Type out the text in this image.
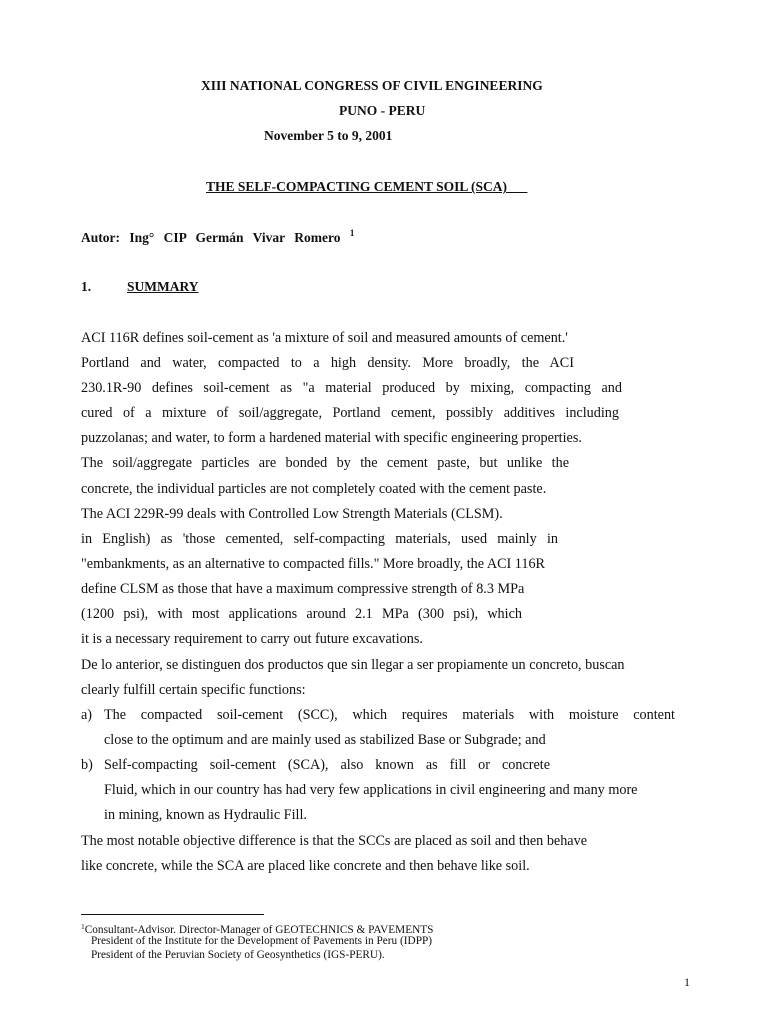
XIII NATIONAL CONGRESS OF CIVIL ENGINEERING
PUNO - PERU
November 5 to 9, 2001
THE SELF-COMPACTING CEMENT SOIL (SCA)___
Autor: Ing° CIP Germán Vivar Romero $^1$
1.	SUMMARY
ACI 116R defines soil-cement as 'a mixture of soil and measured amounts of cement.'
Portland and water, compacted to a high density. More broadly, the ACI
230.1R-90 defines soil-cement as "a material produced by mixing, compacting and
cured of a mixture of soil/aggregate, Portland cement, possibly additives including
puzzolanas; and water, to form a hardened material with specific engineering properties.
The soil/aggregate particles are bonded by the cement paste, but unlike the
concrete, the individual particles are not completely coated with the cement paste.
The ACI 229R-99 deals with Controlled Low Strength Materials (CLSM).
in English) as 'those cemented, self-compacting materials, used mainly in
"embankments, as an alternative to compacted fills." More broadly, the ACI 116R
define CLSM as those that have a maximum compressive strength of 8.3 MPa
(1200 psi), with most applications around 2.1 MPa (300 psi), which
it is a necessary requirement to carry out future excavations.
De lo anterior, se distinguen dos productos que sin llegar a ser propiamente un concreto, buscan
clearly fulfill certain specific functions:
a) The compacted soil-cement (SCC), which requires materials with moisture content
close to the optimum and are mainly used as stabilized Base or Subgrade; and
b) Self-compacting soil-cement (SCA), also known as fill or concrete
Fluid, which in our country has had very few applications in civil engineering and many more
in mining, known as Hydraulic Fill.
The most notable objective difference is that the SCCs are placed as soil and then behave
like concrete, while the SCA are placed like concrete and then behave like soil.
$^1$Consultant-Advisor. Director-Manager of GEOTECHNICS & PAVEMENTS
President of the Institute for the Development of Pavements in Peru (IDPP)
President of the Peruvian Society of Geosynthetics (IGS-PERU).
1
